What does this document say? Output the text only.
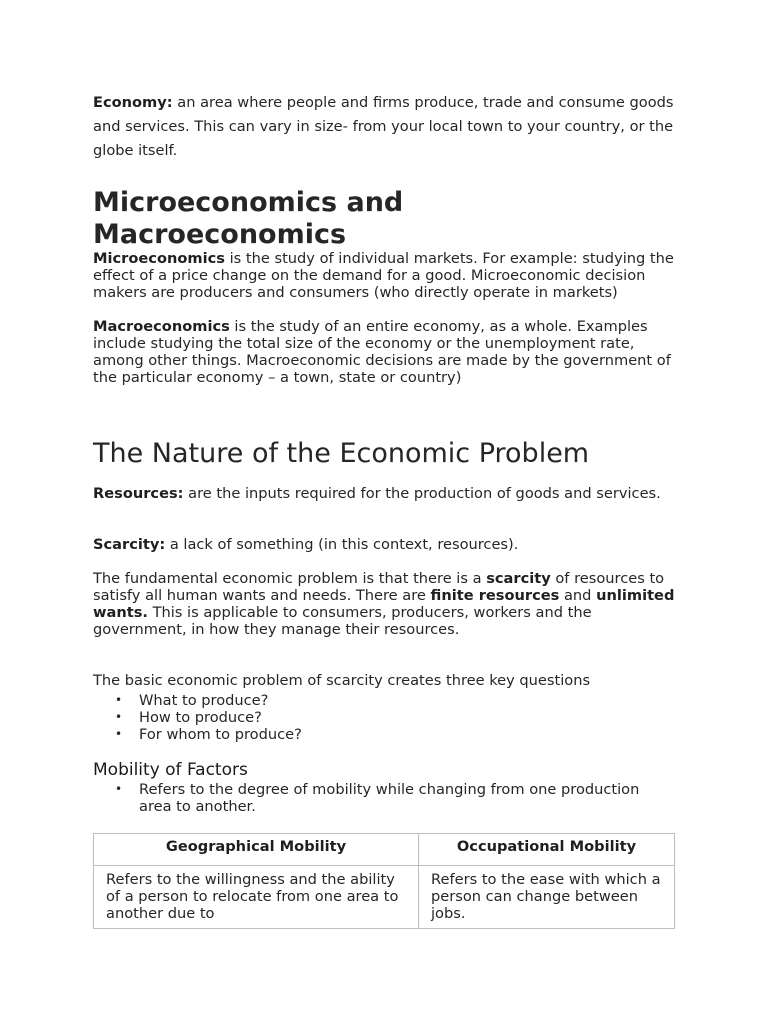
Economy: an area where people and firms produce, trade and consume goods and services. This can vary in size- from your local town to your country, or the globe itself.

Microeconomics and
Macroeconomics

Microeconomics is the study of individual markets. For example: studying the effect of a price change on the demand for a good. Microeconomic decision makers are producers and consumers (who directly operate in markets)

Macroeconomics is the study of an entire economy, as a whole. Examples include studying the total size of the economy or the unemployment rate, among other things. Macroeconomic decisions are made by the government of the particular economy – a town, state or country)

The Nature of the Economic Problem

Resources: are the inputs required for the production of goods and services.

Scarcity: a lack of something (in this context, resources).

The fundamental economic problem is that there is a scarcity of resources to satisfy all human wants and needs. There are finite resources and unlimited wants. This is applicable to consumers, producers, workers and the government, in how they manage their resources.

The basic economic problem of scarcity creates three key questions

• What to produce?
• How to produce?
• For whom to produce?
Mobility of Factors
• Refers to the degree of mobility while changing from one production area to another.
Geographical Mobility	Occupational Mobility
Refers to the willingness and the ability of a person to relocate from one area to another due to	Refers to the ease with which a person can change between jobs.
